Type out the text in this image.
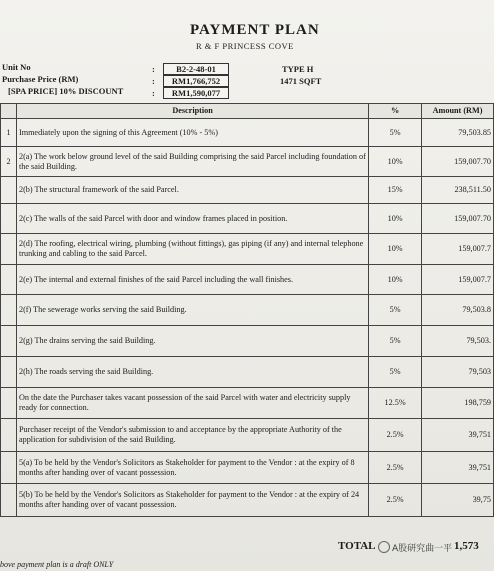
PAYMENT PLAN
R & F PRINCESS COVE
Unit No	:	B2-2-48-01
Purchase Price (RM)	:	RM1,766,752
[SPA PRICE] 10% DISCOUNT	:	RM1,590,077
TYPE H
1471 SQFT
	Description	%	Amount (RM)
1	Immediately upon the signing of this Agreement (10% - 5%)	5%	79,503.85
2	2(a) The work below ground level of the said Building comprising the said Parcel including foundation of the said Building.	10%	159,007.70
	2(b) The structural framework of the said Parcel.	15%	238,511.50
	2(c) The walls of the said Parcel with door and window frames placed in position.	10%	159,007.70
	2(d) The roofing, electrical wiring, plumbing (without fittings), gas piping (if any) and internal telephone trunking and cabling to the said Parcel.	10%	159,007.7
	2(e) The internal and external finishes of the said Parcel including the wall finishes.	10%	159,007.7
	2(f) The sewerage works serving the said Building.	5%	79,503.8
	2(g) The drains serving the said Building.	5%	79,503.
	2(h) The roads serving the said Building.	5%	79,503
	On the date the Purchaser takes vacant possession of the said Parcel with water and electricity supply ready for connection.	12.5%	198,759
	Purchaser receipt of the Vendor's submission to and acceptance by the appropriate Authority of the application for subdivision of the said Building.	2.5%	39,751
	5(a) To be held by the Vendor's Solicitors as Stakeholder for payment to the Vendor : at the expiry of 8 months after handing over of vacant possession.	2.5%	39,751
	5(b) To be held by the Vendor's Solicitors as Stakeholder for payment to the Vendor : at the expiry of 24 months after handing over of vacant possession.	2.5%	39,75
TOTAL	A股研究曲一平 1,573
bove payment plan is a draft ONLY
